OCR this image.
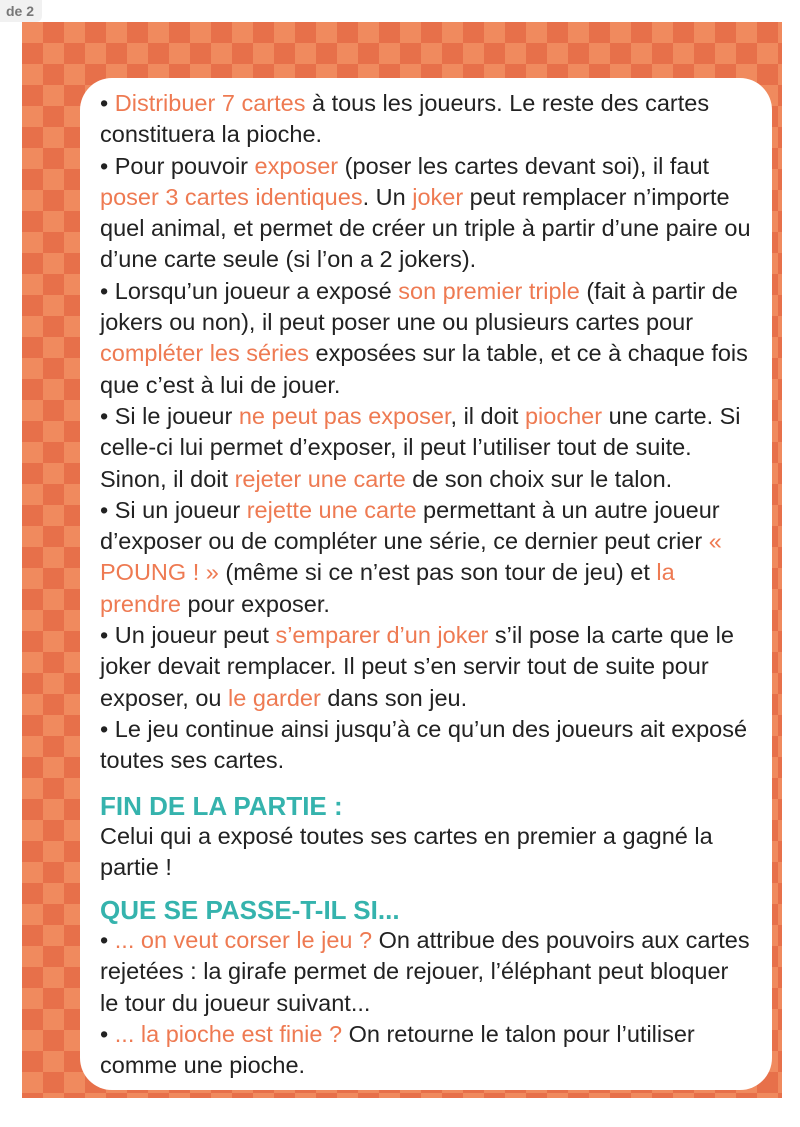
de 2

• Distribuer 7 cartes à tous les joueurs. Le reste des cartes constituera la pioche.

• Pour pouvoir exposer (poser les cartes devant soi), il faut poser 3 cartes identiques. Un joker peut remplacer n’importe quel animal, et permet de créer un triple à partir d’une paire ou d’une carte seule (si l’on a 2 jokers).

• Lorsqu’un joueur a exposé son premier triple (fait à partir de jokers ou non), il peut poser une ou plusieurs cartes pour compléter les séries exposées sur la table, et ce à chaque fois que c’est à lui de jouer.

• Si le joueur ne peut pas exposer, il doit piocher une carte. Si celle-ci lui permet d’exposer, il peut l’utiliser tout de suite. Sinon, il doit rejeter une carte de son choix sur le talon.

• Si un joueur rejette une carte permettant à un autre joueur d’exposer ou de compléter une série, ce dernier peut crier « POUNG ! » (même si ce n’est pas son tour de jeu) et la prendre pour exposer.

• Un joueur peut s’emparer d’un joker s’il pose la carte que le joker devait remplacer. Il peut s’en servir tout de suite pour exposer, ou le garder dans son jeu.

• Le jeu continue ainsi jusqu’à ce qu’un des joueurs ait exposé toutes ses cartes.

FIN DE LA PARTIE :

Celui qui a exposé toutes ses cartes en premier a gagné la partie !

QUE SE PASSE-T-IL SI...

• ... on veut corser le jeu ? On attribue des pouvoirs aux cartes rejetées : la girafe permet de rejouer, l’éléphant peut bloquer le tour du joueur suivant...

• ... la pioche est finie ? On retourne le talon pour l’utiliser comme une pioche.
